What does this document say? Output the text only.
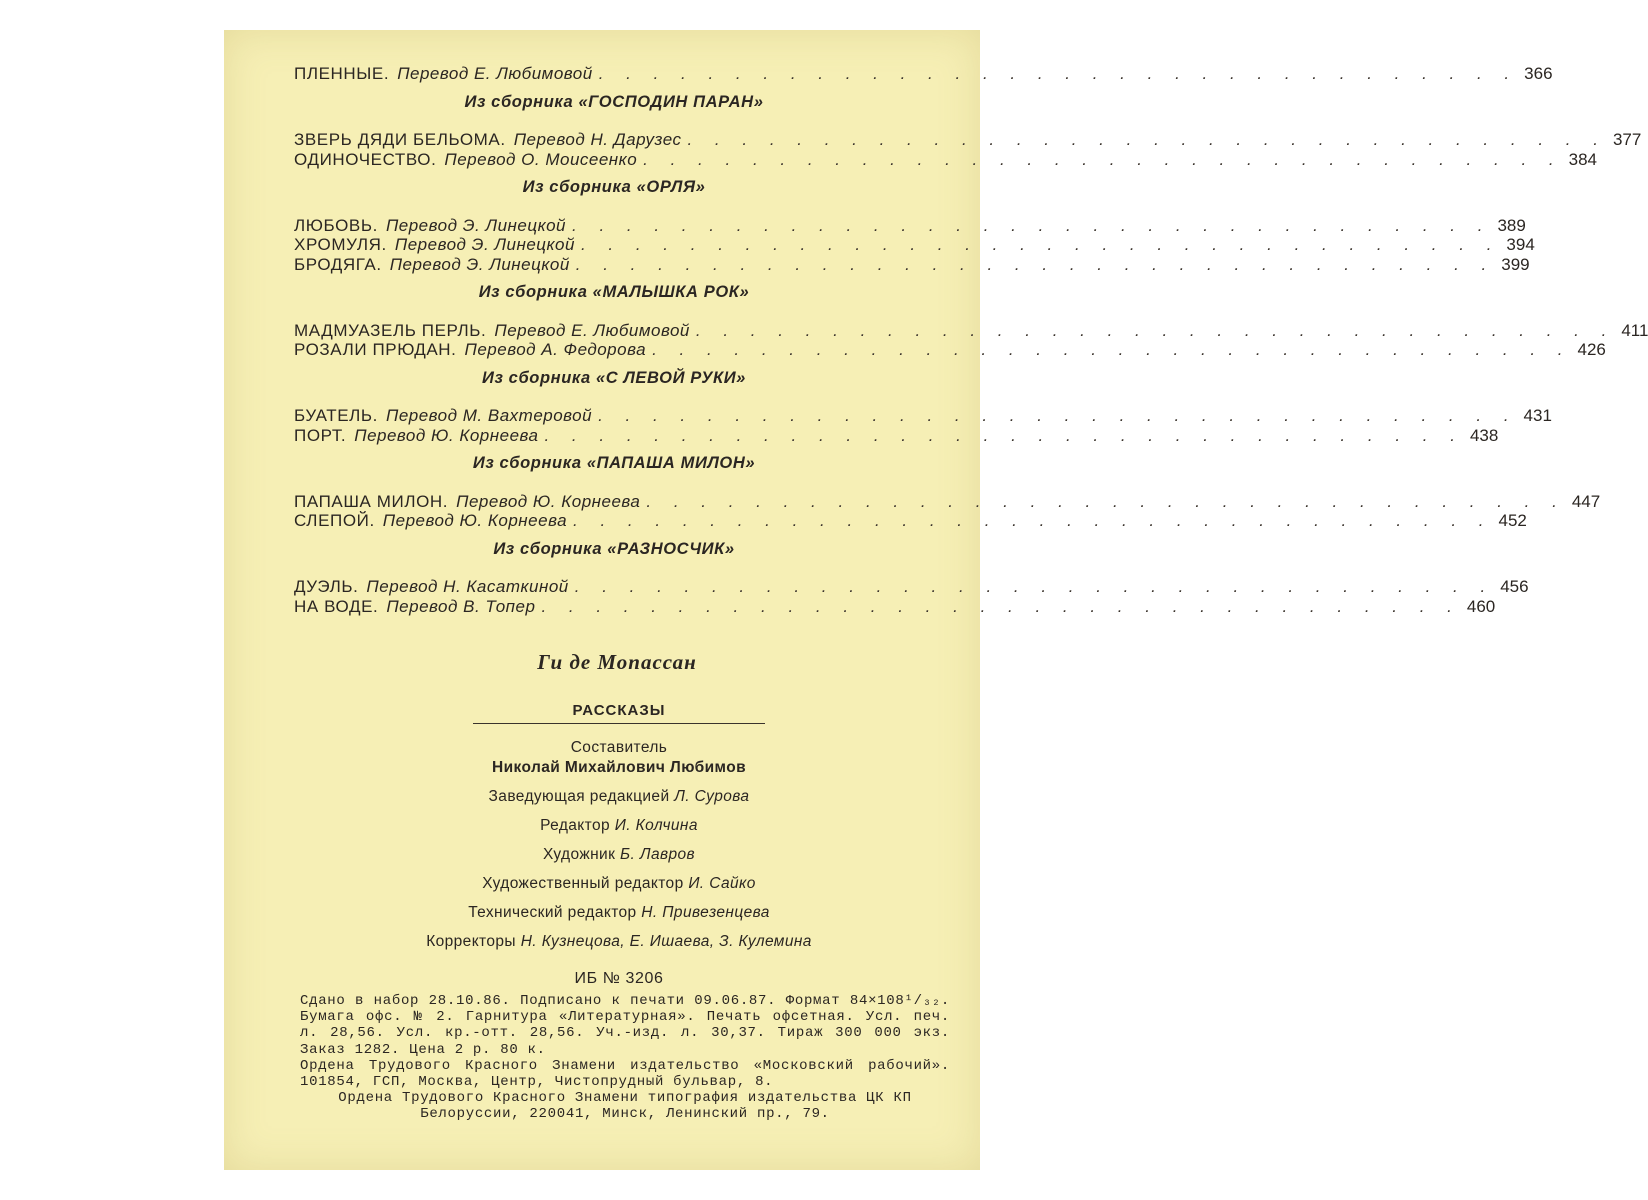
ПЛЕННЫЕ. Перевод Е. Любимовой . . . . . . . . . . . . . . . . . . . . . . . . . . . . . . . . . . 366
Из сборника «ГОСПОДИН ПАРАН»
ЗВЕРЬ ДЯДИ БЕЛЬОМА. Перевод Н. Дарузес . . . . . . . . . . . . . . . . . . . . . . . . . . . . . . . . . . 377
ОДИНОЧЕСТВО. Перевод О. Моисеенко . . . . . . . . . . . . . . . . . . . . . . . . . . . . . . . . . . 384
Из сборника «ОРЛЯ»
ЛЮБОВЬ. Перевод Э. Линецкой . . . . . . . . . . . . . . . . . . . . . . . . . . . . . . . . . . 389
ХРОМУЛЯ. Перевод Э. Линецкой . . . . . . . . . . . . . . . . . . . . . . . . . . . . . . . . . . 394
БРОДЯГА. Перевод Э. Линецкой . . . . . . . . . . . . . . . . . . . . . . . . . . . . . . . . . . 399
Из сборника «МАЛЫШКА РОК»
МАДМУАЗЕЛЬ ПЕРЛЬ. Перевод Е. Любимовой . . . . . . . . . . . . . . . . . . . . . . . . . . . . . . . . . . 411
РОЗАЛИ ПРЮДАН. Перевод А. Федорова . . . . . . . . . . . . . . . . . . . . . . . . . . . . . . . . . . 426
Из сборника «С ЛЕВОЙ РУКИ»
БУАТЕЛЬ. Перевод М. Вахтеровой . . . . . . . . . . . . . . . . . . . . . . . . . . . . . . . . . . 431
ПОРТ. Перевод Ю. Корнеева . . . . . . . . . . . . . . . . . . . . . . . . . . . . . . . . . . 438
Из сборника «ПАПАША МИЛОН»
ПАПАША МИЛОН. Перевод Ю. Корнеева . . . . . . . . . . . . . . . . . . . . . . . . . . . . . . . . . . 447
СЛЕПОЙ. Перевод Ю. Корнеева . . . . . . . . . . . . . . . . . . . . . . . . . . . . . . . . . . 452
Из сборника «РАЗНОСЧИК»
ДУЭЛЬ. Перевод Н. Касаткиной . . . . . . . . . . . . . . . . . . . . . . . . . . . . . . . . . . 456
НА ВОДЕ. Перевод В. Топер . . . . . . . . . . . . . . . . . . . . . . . . . . . . . . . . . . 460
Ги де Мопассан
РАССКАЗЫ
Составитель
Николай Михайлович Любимов
Заведующая редакцией Л. Сурова
Редактор И. Колчина
Художник Б. Лавров
Художественный редактор И. Сайко
Технический редактор Н. Привезенцева
Корректоры Н. Кузнецова, Е. Ишаева, З. Кулемина
ИБ № 3206

Сдано в набор 28.10.86. Подписано к печати 09.06.87. Формат 84×108¹/₃₂. Бумага офс. № 2. Гарнитура «Литературная». Печать офсетная. Усл. печ. л. 28,56. Усл. кр.-отт. 28,56. Уч.-изд. л. 30,37. Тираж 300 000 экз. Заказ 1282. Цена 2 р. 80 к.

Ордена Трудового Красного Знамени издательство «Московский рабочий». 101854, ГСП, Москва, Центр, Чистопрудный бульвар, 8.

Ордена Трудового Красного Знамени типография издательства ЦК КП Белоруссии, 220041, Минск, Ленинский пр., 79.
